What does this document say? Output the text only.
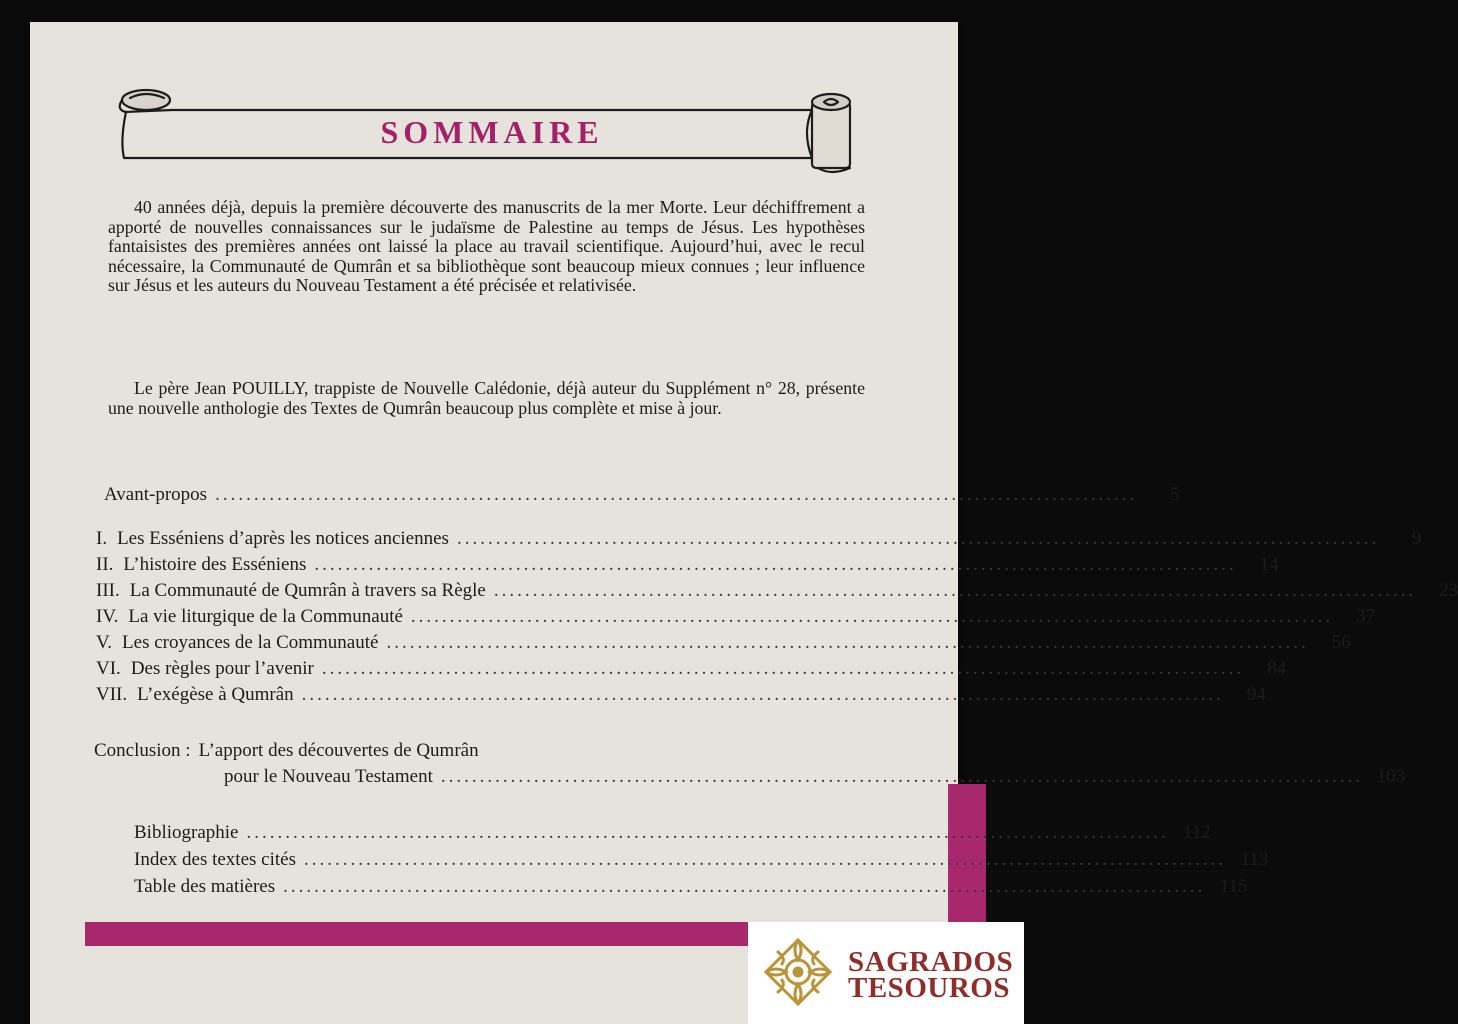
SOMMAIRE
40 années déjà, depuis la première découverte des manuscrits de la mer Morte. Leur déchiffrement a apporté de nouvelles connaissances sur le judaïsme de Palestine au temps de Jésus. Les hypothèses fantaisistes des premières années ont laissé la place au travail scientifique. Aujourd’hui, avec le recul nécessaire, la Communauté de Qumrân et sa bibliothèque sont beaucoup mieux connues ; leur influence sur Jésus et les auteurs du Nouveau Testament a été précisée et relativisée.
Le père Jean POUILLY, trappiste de Nouvelle Calédonie, déjà auteur du Supplément n° 28, présente une nouvelle anthologie des Textes de Qumrân beaucoup plus complète et mise à jour.
Avant-propos .......................................................................................................................	5
I. Les Esséniens d’après les notices anciennes .......................................................................................................................	9
II. L’histoire des Esséniens .......................................................................................................................	14
III. La Communauté de Qumrân à travers sa Règle .......................................................................................................................	23
IV. La vie liturgique de la Communauté .......................................................................................................................	37
V. Les croyances de la Communauté .......................................................................................................................	56
VI. Des règles pour l’avenir .......................................................................................................................	84
VII. L’exégèse à Qumrân .......................................................................................................................	94
Conclusion : L’apport des découvertes de Qumrân
pour le Nouveau Testament ....................................................................................................................... 103
Bibliographie ....................................................................................................................... 112
Index des textes cités ....................................................................................................................... 113
Table des matières ....................................................................................................................... 115
SAGRADOS
TESOUROS
